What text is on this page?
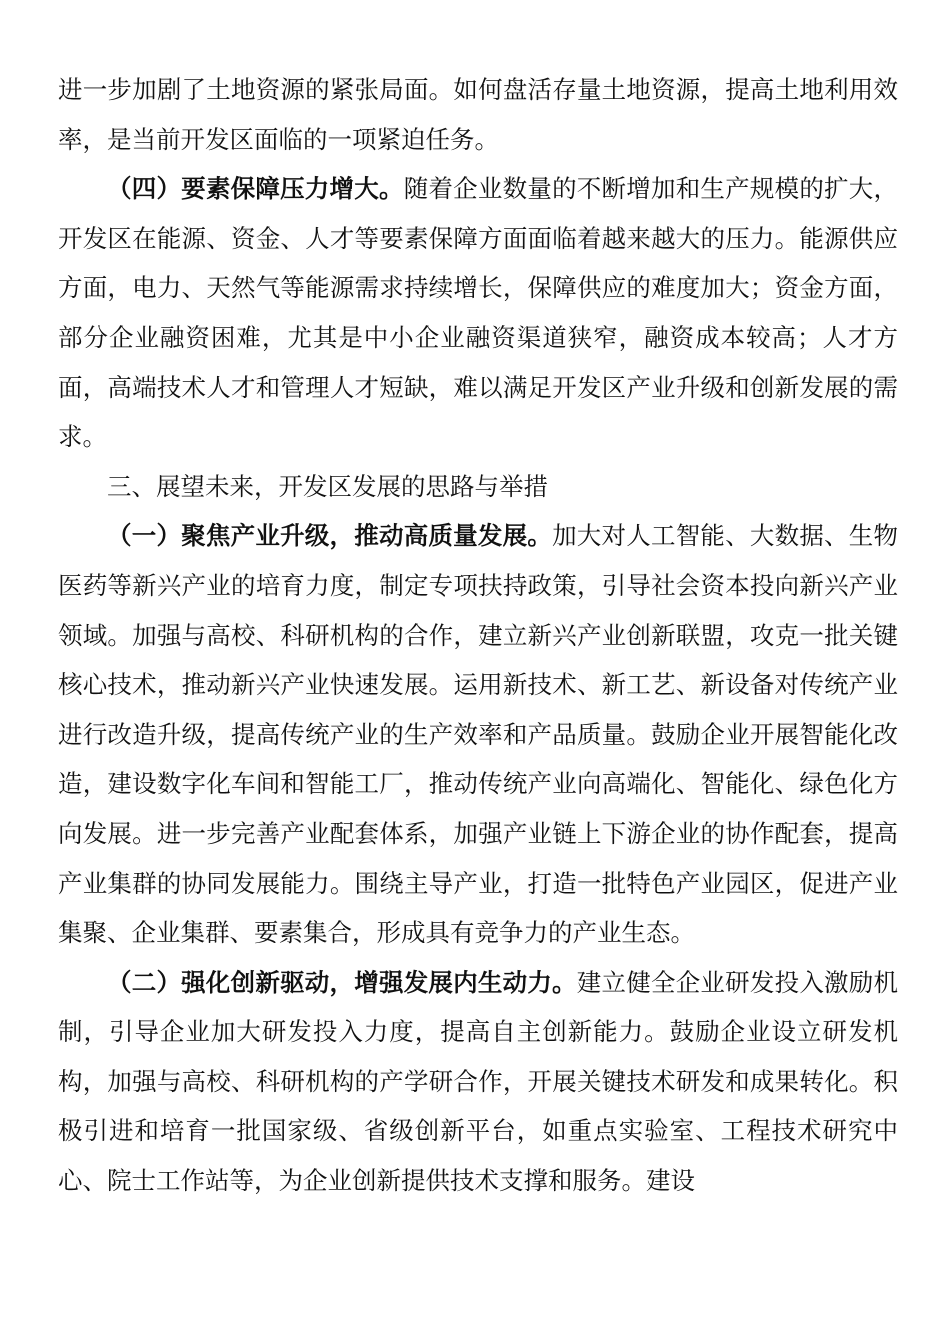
进一步加剧了土地资源的紧张局面。如何盘活存量土地资源，提高土地利用效率，是当前开发区面临的一项紧迫任务。

（四）要素保障压力增大。随着企业数量的不断增加和生产规模的扩大，开发区在能源、资金、人才等要素保障方面面临着越来越大的压力。能源供应方面，电力、天然气等能源需求持续增长，保障供应的难度加大；资金方面，部分企业融资困难，尤其是中小企业融资渠道狭窄，融资成本较高；人才方面，高端技术人才和管理人才短缺，难以满足开发区产业升级和创新发展的需求。

三、展望未来，开发区发展的思路与举措

（一）聚焦产业升级，推动高质量发展。加大对人工智能、大数据、生物医药等新兴产业的培育力度，制定专项扶持政策，引导社会资本投向新兴产业领域。加强与高校、科研机构的合作，建立新兴产业创新联盟，攻克一批关键核心技术，推动新兴产业快速发展。运用新技术、新工艺、新设备对传统产业进行改造升级，提高传统产业的生产效率和产品质量。鼓励企业开展智能化改造，建设数字化车间和智能工厂，推动传统产业向高端化、智能化、绿色化方向发展。进一步完善产业配套体系，加强产业链上下游企业的协作配套，提高产业集群的协同发展能力。围绕主导产业，打造一批特色产业园区，促进产业集聚、企业集群、要素集合，形成具有竞争力的产业生态。

（二）强化创新驱动，增强发展内生动力。建立健全企业研发投入激励机制，引导企业加大研发投入力度，提高自主创新能力。鼓励企业设立研发机构，加强与高校、科研机构的产学研合作，开展关键技术研发和成果转化。积极引进和培育一批国家级、省级创新平台，如重点实验室、工程技术研究中心、院士工作站等，为企业创新提供技术支撑和服务。建设
